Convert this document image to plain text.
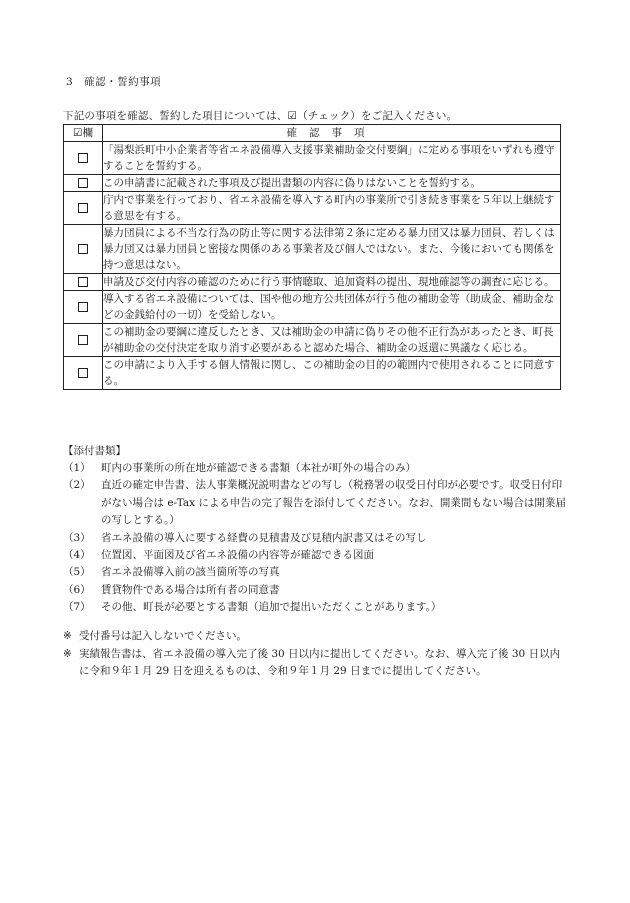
3　確認・誓約事項
下記の事項を確認、誓約した項目については、☑（チェック）をご記入ください。
☑欄	確認事項
	「湯梨浜町中小企業者等省エネ設備導入支援事業補助金交付要綱」に定める事項をいずれも遵守することを誓約する。
	この申請書に記載された事項及び提出書類の内容に偽りはないことを誓約する。
	庁内で事業を行っており、省エネ設備を導入する町内の事業所で引き続き事業を５年以上継続する意思を有する。
	暴力団員による不当な行為の防止等に関する法律第２条に定める暴力団又は暴力団員、若しくは暴力団又は暴力団員と密接な関係のある事業者及び個人ではない。また、今後においても関係を持つ意思はない。
	申請及び交付内容の確認のために行う事情聴取、追加資料の提出、現地確認等の調査に応じる。
	導入する省エネ設備については、国や他の地方公共団体が行う他の補助金等（助成金、補助金などの金銭給付の一切）を受給しない。
	この補助金の要綱に違反したとき、又は補助金の申請に偽りその他不正行為があったとき、町長が補助金の交付決定を取り消す必要があると認めた場合、補助金の返還に異議なく応じる。
	この申請により入手する個人情報に関し、この補助金の目的の範囲内で使用されることに同意する。
【添付書類】
（1） 町内の事業所の所在地が確認できる書類（本社が町外の場合のみ）
（2） 直近の確定申告書、法人事業概況説明書などの写し（税務署の収受日付印が必要です。収受日付印がない場合は e-Tax による申告の完了報告を添付してください。なお、開業間もない場合は開業届の写しとする。）
（3） 省エネ設備の導入に要する経費の見積書及び見積内訳書又はその写し
（4） 位置図、平面図及び省エネ設備の内容等が確認できる図面
（5） 省エネ設備導入前の該当箇所等の写真
（6） 賃貸物件である場合は所有者の同意書
（7） その他、町長が必要とする書類（追加で提出いただくことがあります。）
※ 受付番号は記入しないでください。
※ 実績報告書は、省エネ設備の導入完了後 30 日以内に提出してください。なお、導入完了後 30 日以内に令和９年１月 29 日を迎えるものは、令和９年１月 29 日までに提出してください。
